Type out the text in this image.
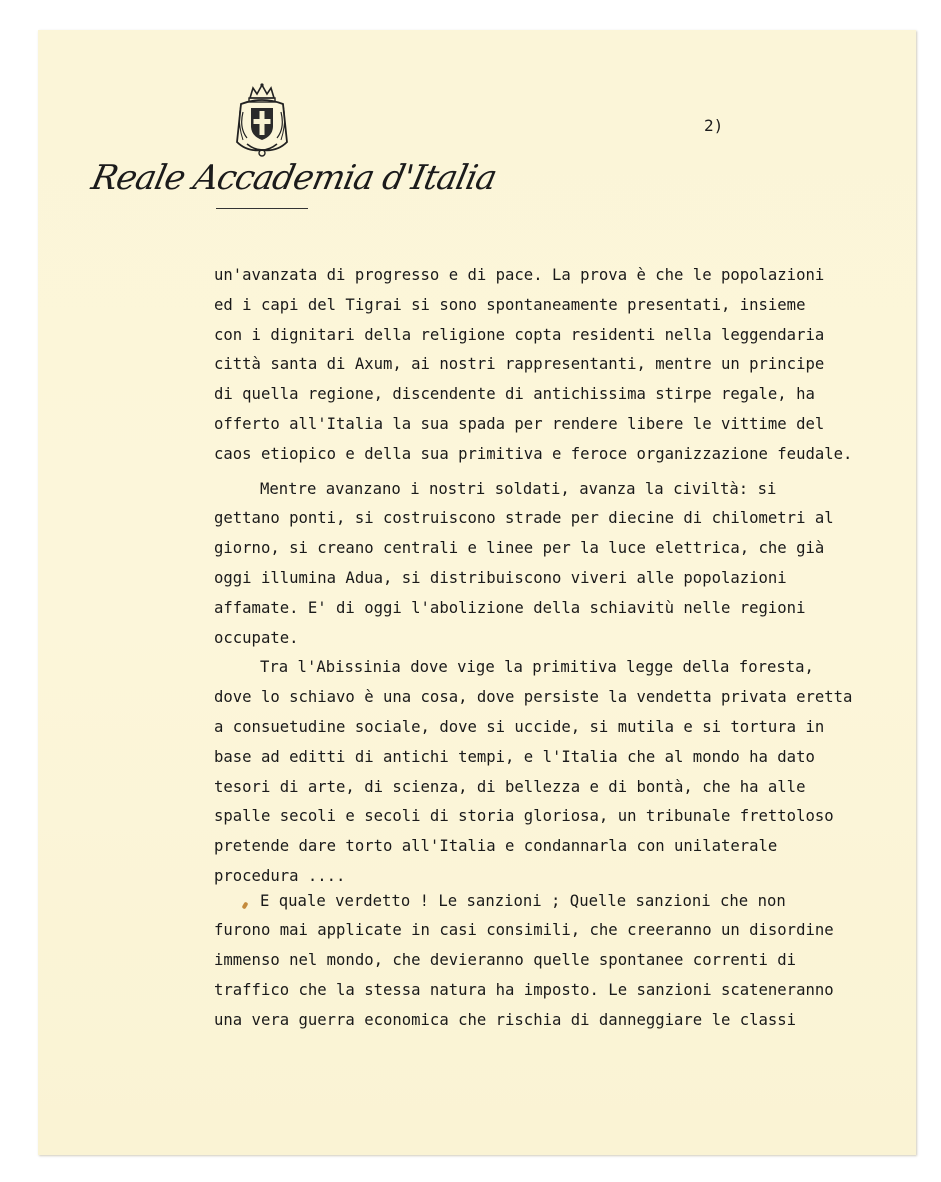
Reale Accademia d'Italia
2)
un'avanzata di progresso e di pace. La prova è che le popolazioni
ed i capi del Tigrai si sono spontaneamente presentati, insieme
con i dignitari della religione copta residenti nella leggendaria
città santa di Axum, ai nostri rappresentanti, mentre un principe
di quella regione, discendente di antichissima stirpe regale, ha
offerto all'Italia la sua spada per rendere libere le vittime del
caos etiopico e della sua primitiva e feroce organizzazione feudale.
Mentre avanzano i nostri soldati, avanza la civiltà: si
gettano ponti, si costruiscono strade per diecine di chilometri al
giorno, si creano centrali e linee per la luce elettrica, che già
oggi illumina Adua, si distribuiscono viveri alle popolazioni
affamate. E' di oggi l'abolizione della schiavitù nelle regioni
occupate.
Tra l'Abissinia dove vige la primitiva legge della foresta,
dove lo schiavo è una cosa, dove persiste la vendetta privata eretta
a consuetudine sociale, dove si uccide, si mutila e si tortura in
base ad editti di antichi tempi, e l'Italia che al mondo ha dato
tesori di arte, di scienza, di bellezza e di bontà, che ha alle
spalle secoli e secoli di storia gloriosa, un tribunale frettoloso
pretende dare torto all'Italia e condannarla con unilaterale
procedura ....
E quale verdetto ! Le sanzioni ; Quelle sanzioni che non
furono mai applicate in casi consimili, che creeranno un disordine
immenso nel mondo, che devieranno quelle spontanee correnti di
traffico che la stessa natura ha imposto. Le sanzioni scateneranno
una vera guerra economica che rischia di danneggiare le classi
